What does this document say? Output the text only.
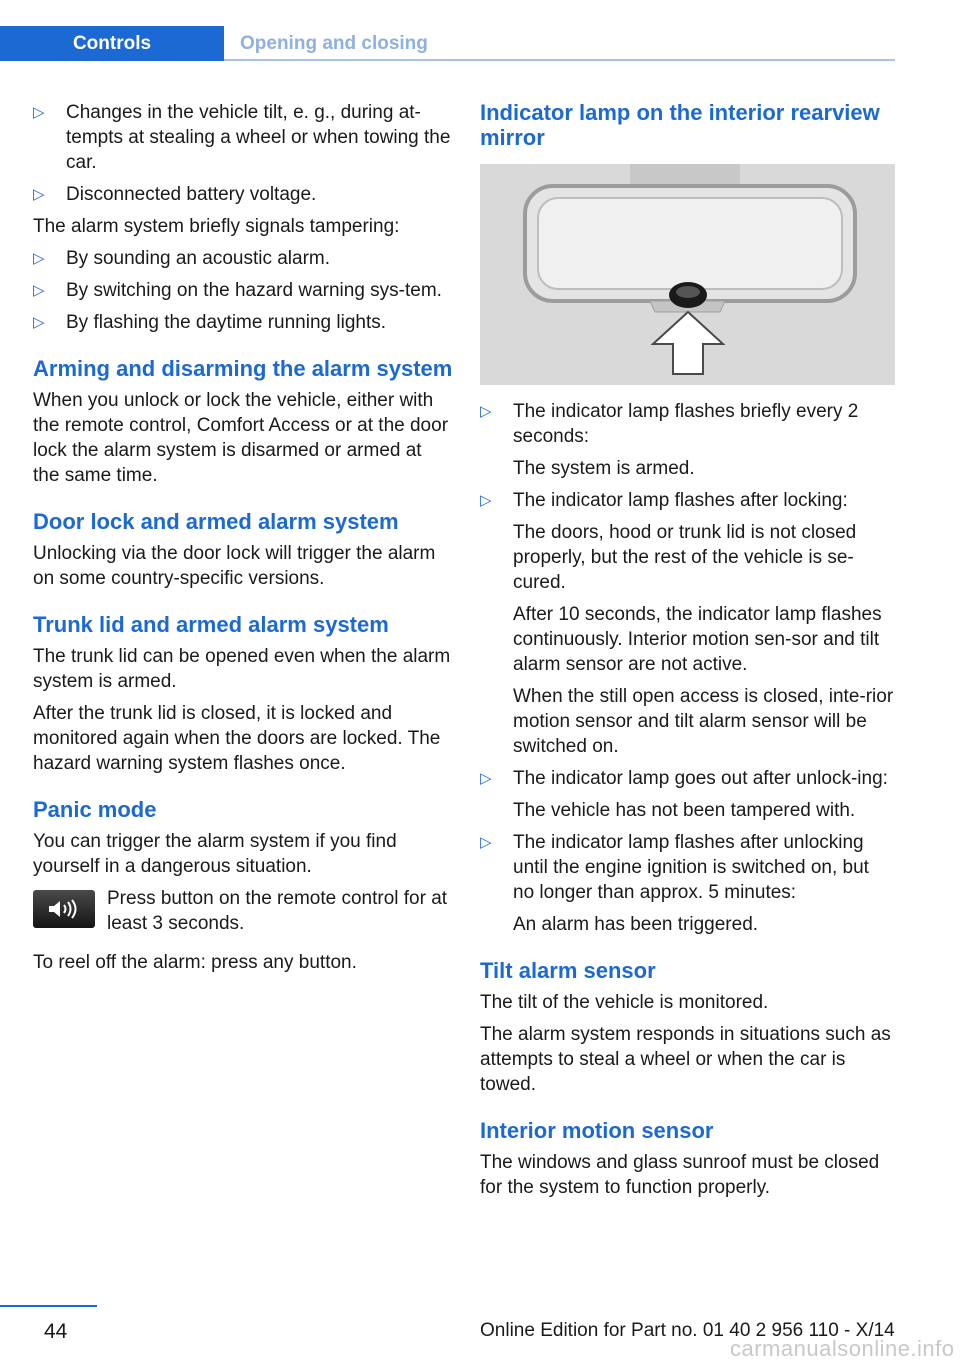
Controls	Opening and closing
▷ Changes in the vehicle tilt, e. g., during at‐tempts at stealing a wheel or when towing the car.
▷ Disconnected battery voltage.

The alarm system briefly signals tampering:

▷ By sounding an acoustic alarm.
▷ By switching on the hazard warning sys‐tem.
▷ By flashing the daytime running lights.
Arming and disarming the alarm system

When you unlock or lock the vehicle, either with the remote control, Comfort Access or at the door lock the alarm system is disarmed or armed at the same time.

Door lock and armed alarm system

Unlocking via the door lock will trigger the alarm on some country-specific versions.

Trunk lid and armed alarm system

The trunk lid can be opened even when the alarm system is armed.

After the trunk lid is closed, it is locked and monitored again when the doors are locked. The hazard warning system flashes once.

Panic mode

You can trigger the alarm system if you find yourself in a dangerous situation.

Press button on the remote control for at least 3 seconds.

To reel off the alarm: press any button.

Indicator lamp on the interior rearview mirror
▷ The indicator lamp flashes briefly every 2 seconds:
The system is armed.
▷ The indicator lamp flashes after locking:
The doors, hood or trunk lid is not closed properly, but the rest of the vehicle is se‐cured.
After 10 seconds, the indicator lamp flashes continuously. Interior motion sen‐sor and tilt alarm sensor are not active.
When the still open access is closed, inte‐rior motion sensor and tilt alarm sensor will be switched on.
▷ The indicator lamp goes out after unlock‐ing:
The vehicle has not been tampered with.
▷ The indicator lamp flashes after unlocking until the engine ignition is switched on, but no longer than approx. 5 minutes:
An alarm has been triggered.
Tilt alarm sensor

The tilt of the vehicle is monitored.

The alarm system responds in situations such as attempts to steal a wheel or when the car is towed.

Interior motion sensor

The windows and glass sunroof must be closed for the system to function properly.

44	Online Edition for Part no. 01 40 2 956 110 - X/14
carmanualsonline.info
